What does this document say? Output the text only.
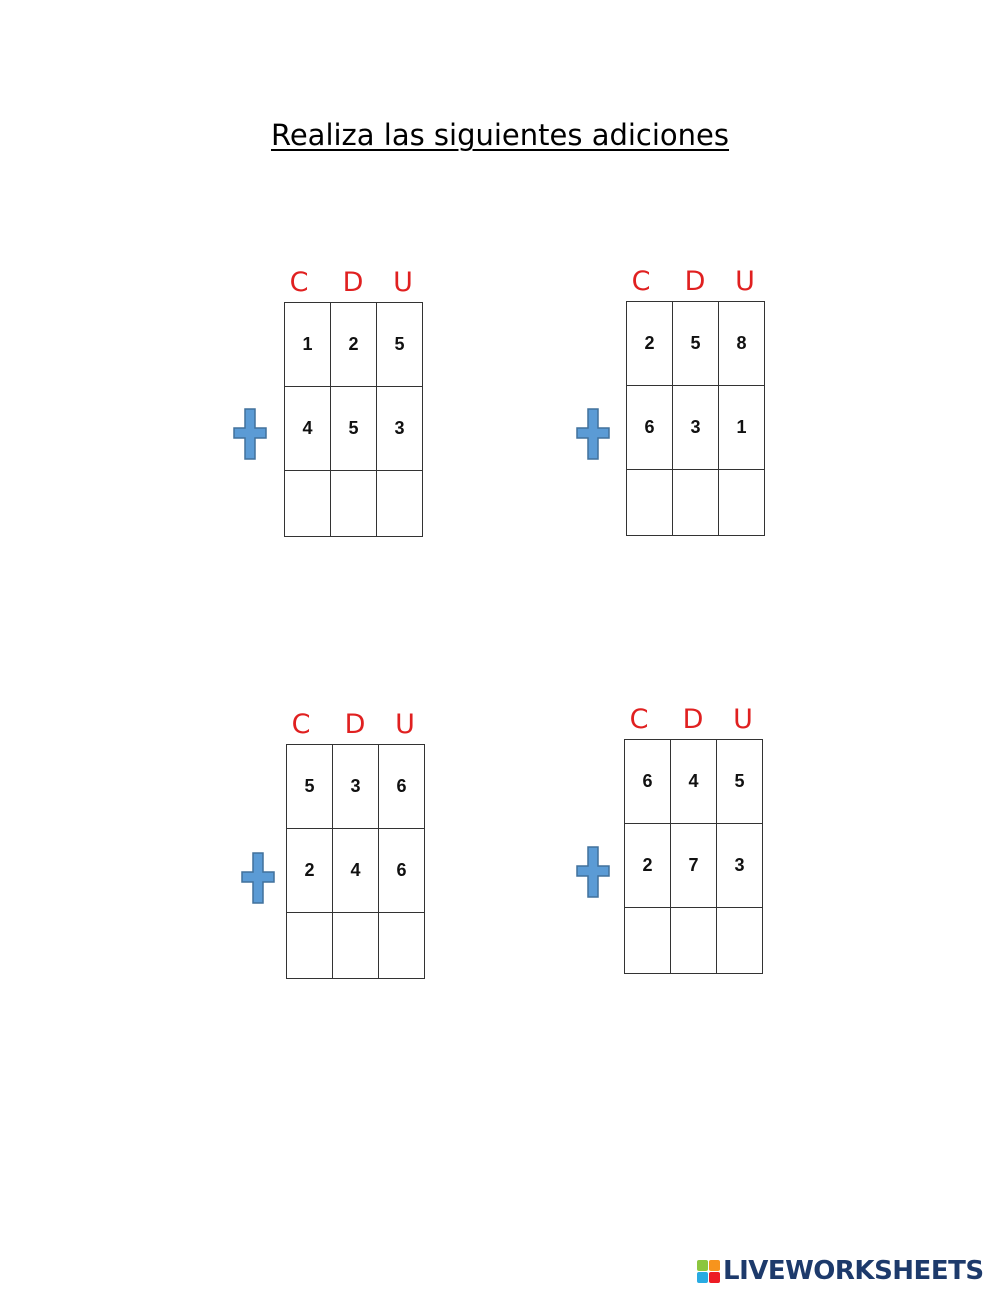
Realiza las siguientes adiciones
C	D	U
1	2	5
4	5	3

C	D	U
2	5	8
6	3	1

C	D	U
5	3	6
2	4	6

C	D	U
6	4	5
2	7	3

LIVEWORKSHEETS
